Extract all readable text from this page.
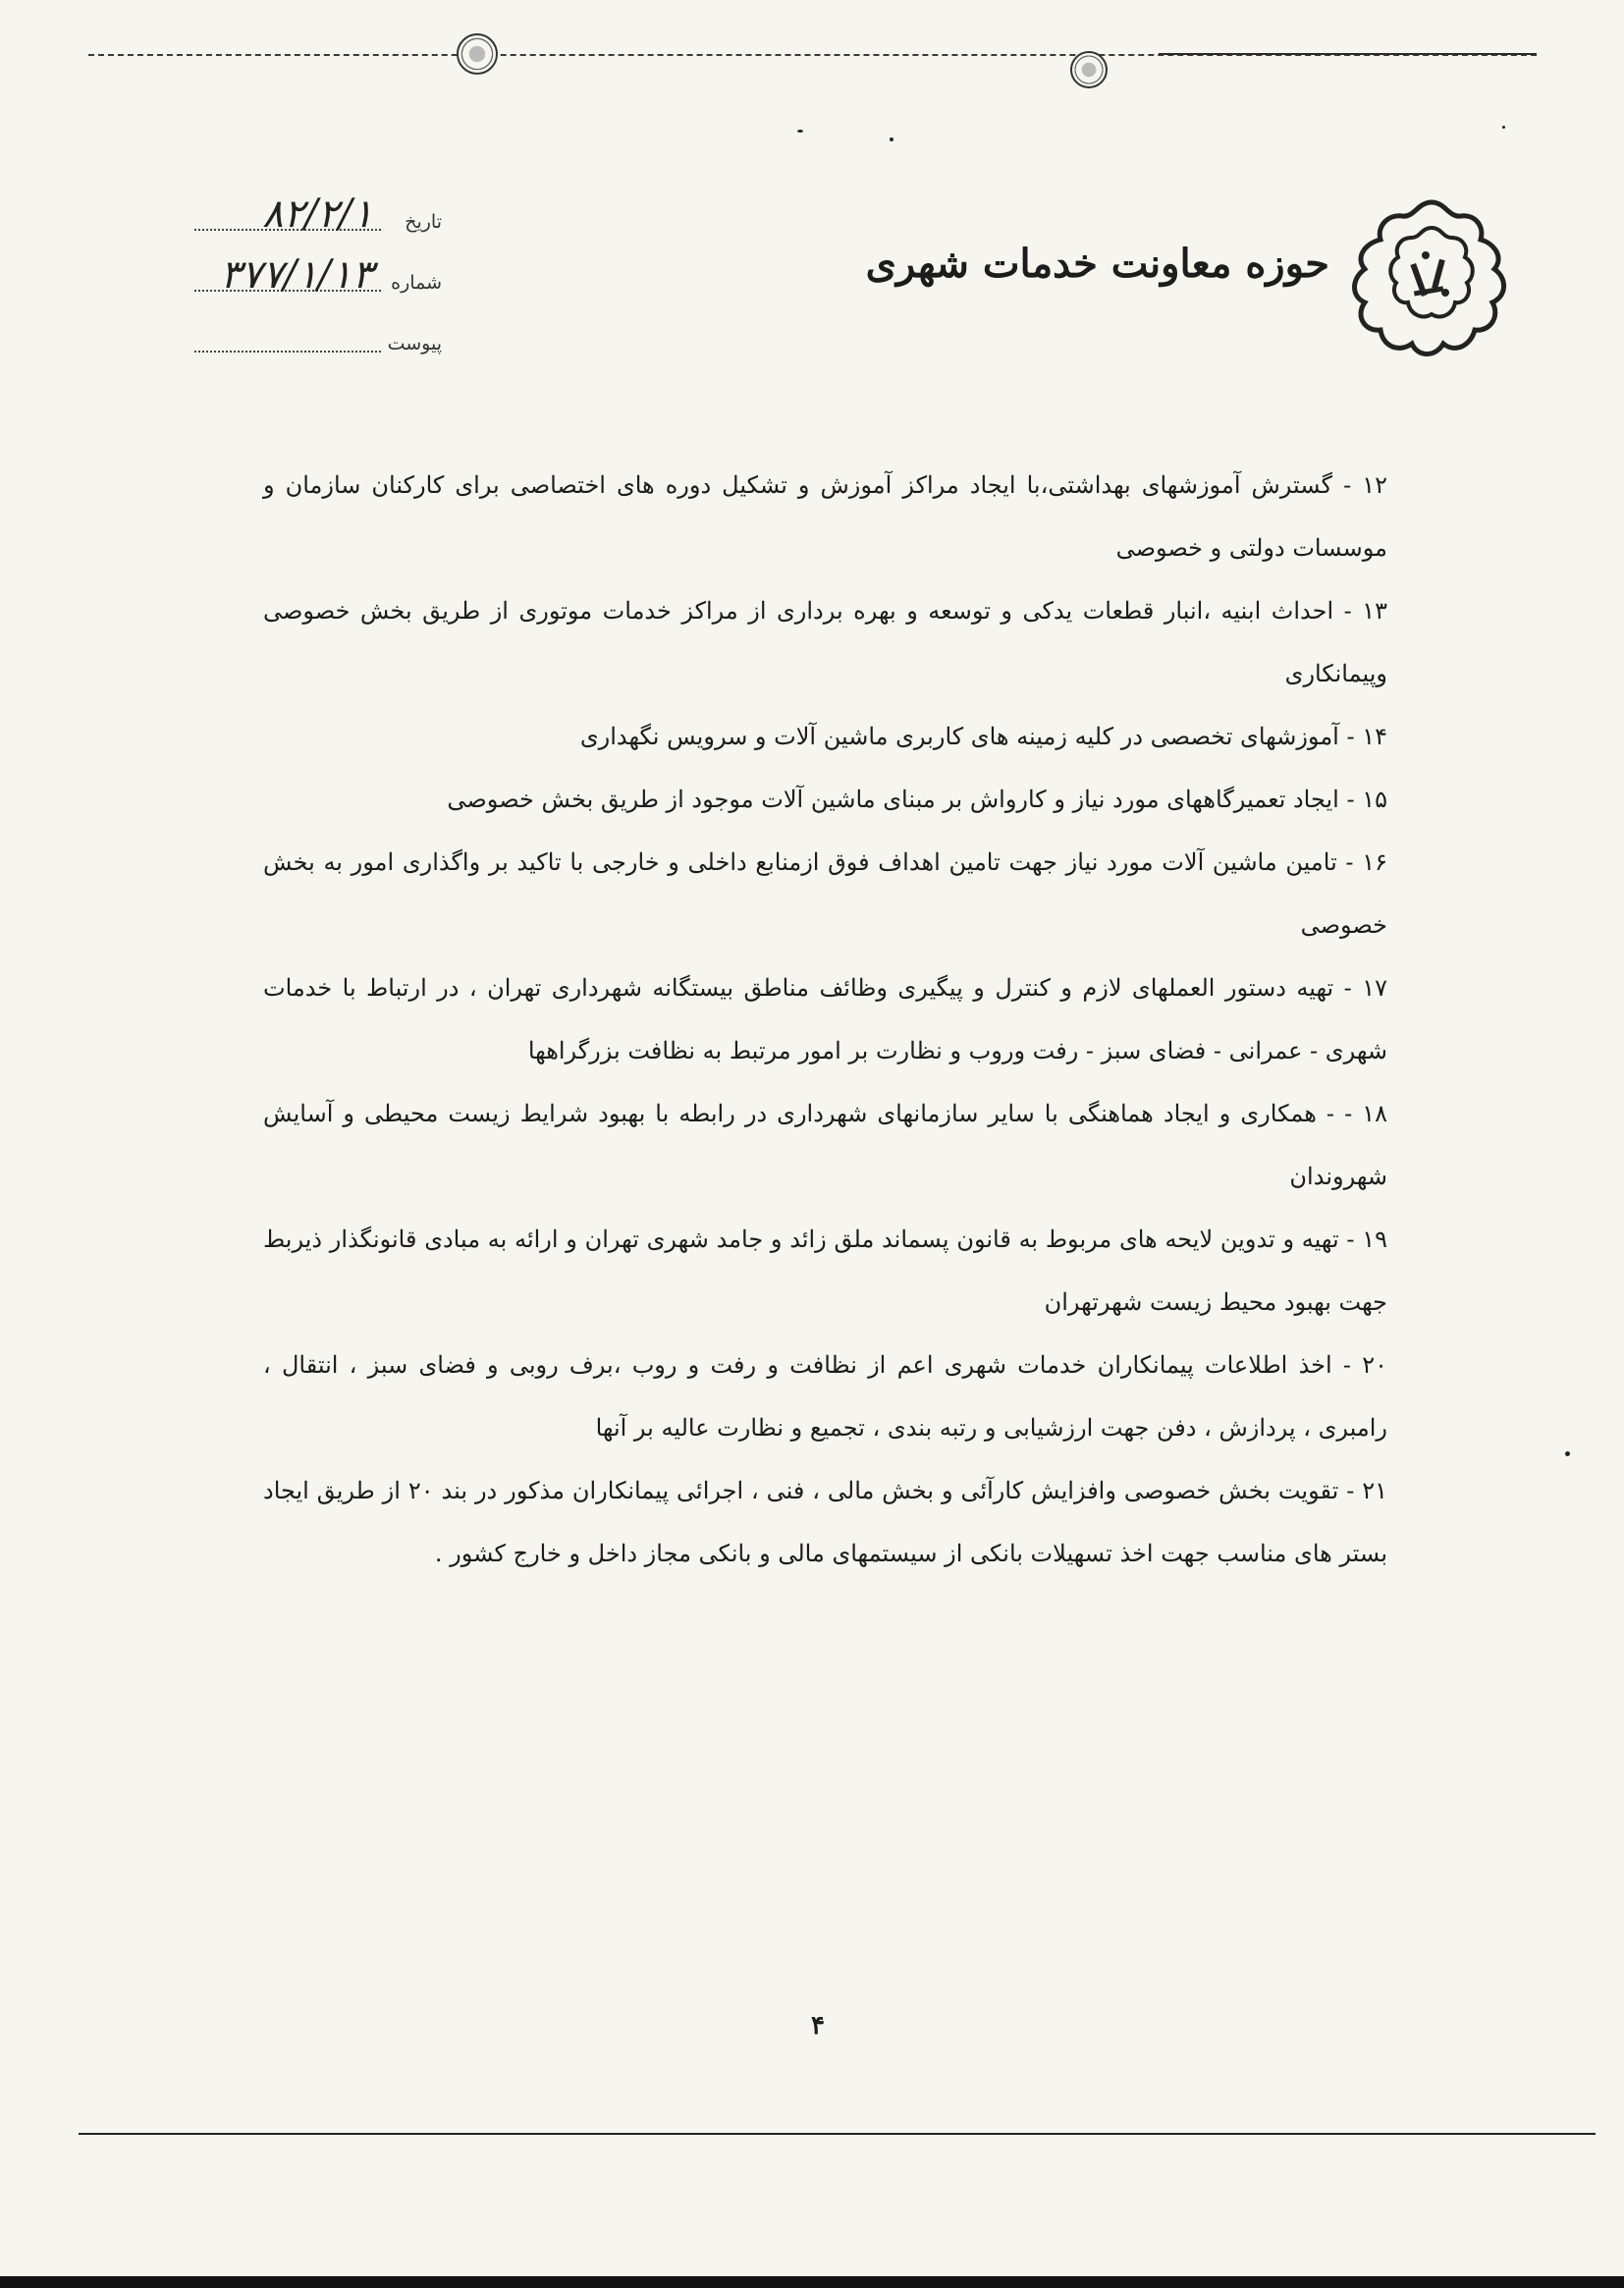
حوزه معاونت خدمات شهری
تاریخ
۸۲/۲/۱
شماره
۳۷۷/۱/۱۳
پیوست

۱۲ - گسترش آموزشهای بهداشتی،با ایجاد مراکز آموزش و تشکیل دوره های اختصاصی برای کارکنان سازمان و موسسات دولتی و خصوصی

۱۳ - احداث ابنیه ،انبار قطعات یدکی و توسعه و بهره برداری از مراکز خدمات موتوری از طریق بخش خصوصی وپیمانکاری

۱۴ - آموزشهای تخصصی در کلیه زمینه های کاربری ماشین آلات و سرویس نگهداری

۱۵ - ایجاد تعمیرگاههای مورد نیاز و کارواش بر مبنای ماشین آلات موجود از طریق بخش خصوصی

۱۶ - تامین ماشین آلات مورد نیاز جهت تامین اهداف فوق ازمنابع داخلی و خارجی با تاکید بر واگذاری امور به بخش خصوصی

۱۷ - تهیه دستور العملهای لازم و کنترل و پیگیری وظائف مناطق بیستگانه شهرداری تهران ، در ارتباط با خدمات شهری - عمرانی - فضای سبز - رفت وروب و نظارت بر امور مرتبط به نظافت بزرگراهها

۱۸ - - همکاری و ایجاد هماهنگی با سایر سازمانهای شهرداری در رابطه با بهبود شرایط زیست محیطی و آسایش شهروندان

۱۹ - تهیه و تدوین لایحه های مربوط به قانون پسماند ملق زائد و جامد شهری تهران و ارائه به مبادی قانونگذار ذیربط جهت بهبود محیط زیست شهرتهران

۲۰ - اخذ اطلاعات پیمانکاران خدمات شهری اعم از نظافت و رفت و روب ،برف روبی و فضای سبز ، انتقال ، رامبری ، پردازش ، دفن جهت ارزشیابی و رتبه بندی ، تجمیع و نظارت عالیه بر آنها

۲۱ - تقویت بخش خصوصی وافزایش کارآئی و بخش مالی ، فنی ، اجرائی پیمانکاران مذکور در بند ۲۰ از طریق ایجاد بستر های مناسب جهت اخذ تسهیلات بانکی از سیستمهای مالی و بانکی مجاز داخل و خارج کشور .

۴
